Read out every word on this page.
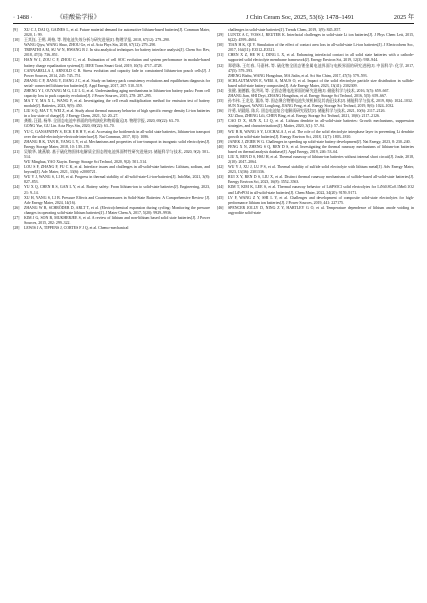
· 1488 ·	《硅酸盐学报》	J Chin Ceram Soc, 2025, 53(6): 1478–1491	2025 年
[9]	XU C J, DAI Q, GAINES L, et al. Future material demand for automotive lithium-based batteries[J]. Commun Mater, 2020, 1: 99.
[10]	王其钰, 王朔, 周格, 等. 锂电池失效分析与研究进展[J]. 物理学报, 2018, 67(12): 279–290.
WANG Qiyu, WANG Shuo, ZHOU Ge, et al. Acta Phys Sin, 2018, 67(12): 279–290.
[11]	TRIPATHI A M, SU W N, HWANG B J. In situ analytical techniques for battery interface analysis[J]. Chem Soc Rev, 2018, 47(3): 736–851.
[12]	HAN W J, ZOU C F, ZHOU C, et al. Estimation of cell SOC evolution and system performance in module-based battery charge equalization systems[J]. IEEE Trans Smart Grid, 2019, 10(5): 4717–4728.
[13]	CANNARELLA J, ARNOLD C B. Stress evolution and capacity fade in constrained lithium-ion pouch cells[J]. J Power Sources, 2014, 245: 745–751.
[14]	ZHANG C P, JIANG Y, JIANG J C, et al. Study on battery pack consistency evolutions and equilibrium diagnosis for serial- connected lithium-ion batteries[J]. Appl Energy, 2017, 207: 510–519.
[15]	ZHENG Y J, OUYANG M G, LU L G, et al. Understanding aging mechanisms in lithium-ion battery packs: From cell capacity loss to pack capacity evolution[J]. J Power Sources, 2015, 278: 287–295.
[16]	MA T Y, MA X L, WANG F, et al. Investigating the cell result multiplication method for emission test of battery module[J]. Batteries, 2023, 9(9): 450.
[17]	LIU S Q, MA T Y, WEI Z, et al. Study about thermal runaway behavior of high specific energy density Li-ion batteries in a low state of charge[J]. J Energy Chem, 2021, 52: 20–27.
[18]	龚维, 汪晨, 杨华. 全固态电池中界面的结构演化和物质输运[J]. 物理学报, 2020, 69(22): 63–70.
GONG Yue, GU Lin. Acta Phys Sin, 2020, 69(22): 63–70.
[19]	YU C, GANAPATHY S, ECK E R H V, et al. Accessing the bottleneck in all-solid state batteries, lithium-ion transport over the solid-electrolyte-electrode interface[J]. Nat Commun, 2017, 8(1): 1086.
[20]	ZHANG B K, TAN R, YANG L Y, et al. Mechanisms and properties of ion-transport in inorganic solid electrolytes[J]. Energy Storage Mater, 2018, 10: 139–159.
[21]	吴敏华, 姚燕敏. 基于硫化物固体电解质全固态锂电池界面特性研究进展[J]. 储能科学与技术, 2020, 9(2): 501–514.
WU Minghua, YAO Xiayin. Energy Storage Sci Technol, 2020, 9(2): 501–514.
[22]	LOU S F, ZHANG F, FU C K, et al. Interface issues and challenges in all-solid-state batteries: Lithium, sodium, and beyond[J]. Adv Mater, 2021, 33(6): e2000721.
[23]	WU Y J, WANG S, LI H, et al. Progress in thermal stability of all-solid-state-Li-ion-batteries[J]. InfoMat, 2021, 3(8): 827–853.
[24]	YU X Q, CHEN R S, GAN L Y, et al. Battery safety: From lithium-ion to solid-state batteries[J]. Engineering, 2023, 21: 9–14.
[25]	XU H, YANG S, LI B. Pressure Effects and Countermeasures in Solid-State Batteries: A Comprehensive Review [J]. Adv Energy Mater, 2024, 14(16).
[26]	ZHANG W B, SCHRÖDER D, ARLT T, et al. (Electro)chemical expansion during cycling: Monitoring the pressure changes in operating solid-state lithium batteries[J]. J Mater Chem A, 2017, 5(20): 9929–9936.
[27]	KIM J G, SON B, MUKHERJEE S, et al. A review of lithium and non-lithium based solid state batteries[J]. J Power Sources, 2015, 282: 299–322.
[28]	LEWIS J A, TIPPENS J, CORTES F J Q, et al. Chemo-mechanical
challenges in solid-state batteries[J]. Trends Chem, 2019, 1(9): 845–857.
[29]	LUNTZ A C, VOSS J, REUTER K. Interfacial challenges in solid-state Li ion batteries[J]. J Phys Chem Lett, 2015, 6(22): 4599–4604.
[30]	TIAN H K, QI Y. Simulation of the effect of contact area loss in all-solid-state Li-ion batteries[J]. J Electrochem Soc, 2017, 164(11): E3512–E3521.
[31]	CHEN X Z, HE W J, DING L X, et al. Enhancing interfacial contact in all solid state batteries with a cathode-supported solid electrolyte membrane framework[J]. Energy Environ Sci, 2019, 12(3): 938–944.
[32]	郑碧珠, 王红春, 马嘉林, 等. 硫化物全固态锂金属电池界面与电极界面的研究进展[J]. 中国科学: 化学, 2017, 47(5): 579–593.
ZHENG Bizhu, WANG Hongchun, MA Jialin, et al. Sci Sin Chim, 2017, 47(5): 579–593.
[33]	SCHLAUTMANN E, WEIß A, MAUS O, et al. Impact of the solid electrolyte particle size distribution in sulfide-based solid-state battery composites[J]. Adv Energy Mater, 2023, 13(41): 2302309.
[34]	张健, 施德毅, 张洪周, 等. 全固态锂电池界面的研究进展[J]. 储能科学与技术, 2016, 5(5): 659–667.
ZHANG Jian, SHI Deyi, ZHANG Hongzhou, et al. Energy Storage Sci Technol, 2016, 5(5): 659–667.
[35]	孙韦伟, 王龙龙, 董涛, 等. 固态聚合物锂电池失效机制及其表征技术[J]. 储能科学与技术, 2019, 8(6): 1024–1032.
SUN Xingwei, WANG Longlong, JIANG Feng, et al. Energy Storage Sci Technol, 2019, 8(6): 1024–1032.
[36]	许勇, 胡晨阳, 陈兵. 固态电池复合电解质研究现状[J]. 储能科学与技术, 2021, 10(6): 2117–2126.
XU Zhou, ZHENG Lili, CHEN Bing, et al. Energy Storage Sci Technol, 2021, 10(6): 2117–2126.
[37]	CAO D X, SUN X, LI Q, et al. Lithium dendrite in all-solid-state batteries: Growth mechanisms, suppression strategies, and characterizations[J]. Matter, 2020, 3(1): 57–94.
[38]	WU B B, WANG S Y, LOCHALA J, et al. The role of the solid electrolyte interphase layer in preventing Li dendrite growth in solid-state batteries[J]. Energy Environ Sci, 2018, 11(7): 1803–1810.
[39]	JANEK J, ZEIER W G. Challenges in speeding up solid-state battery development[J]. Nat Energy, 2023, 8: 230–240.
[40]	FENG X N, ZHENG S Q, REN D S, et al. Investigating the thermal runaway mechanisms of lithium-ion batteries based on thermal analysis database[J]. Appl Energy, 2019, 246: 53–64.
[41]	LIU X, REN D S, HSU H, et al. Thermal runaway of lithium-ion batteries without internal short circuit[J]. Joule, 2018, 2(10): 2047–2064.
[42]	WU Y J, XU J, LU P S, et al. Thermal stability of sulfide solid electrolyte with lithium metal[J]. Adv Energy Mater, 2023, 13(36): 2301336.
[43]	RUI X Y, REN D S, LIU X, et al. Distinct thermal runaway mechanisms of sulfide-based all-solid-state batteries[J]. Energy Environ Sci, 2023, 16(8): 3552–3563.
[44]	KIM T, KIM K, LEE S, et al. Thermal runaway behavior of Li6PS5Cl solid electrolytes for LiNi0.8Co0.1Mn0.1O2 and LiFePO4 in all-solid-state batteries[J]. Chem Mater, 2022, 34(20): 9159–9171.
[45]	LV F, WANG Z Y, SHI L Y, et al. Challenges and development of composite solid-state electrolytes for high-performance lithium ion batteries[J]. J Power Sources, 2019, 441: 227175.
[46]	SPENCER JOLLY D, NING Z Y, HARTLEY G O, et al. Temperature dependence of lithium anode voiding in argyrodite solid-state
